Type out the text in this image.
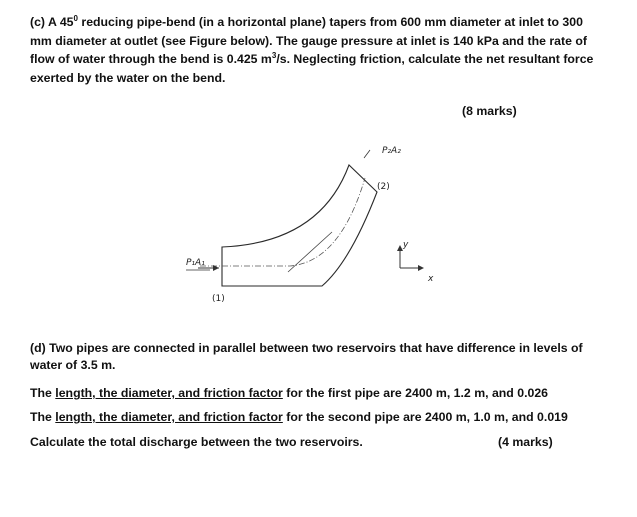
(c) A $45^0$ reducing pipe-bend (in a horizontal plane) tapers from 600 mm diameter at inlet to 300 mm diameter at outlet (see Figure below). The gauge pressure at inlet is 140 kPa and the rate of flow of water through the bend is 0.425 $m^3/s$. Neglecting friction, calculate the net resultant force exerted by the water on the bend.
(8 marks)
P₂A₂
(2)
P₁A₁
(1)
y
x
(d) Two pipes are connected in parallel between two reservoirs that have difference in levels of water of 3.5 m.
The length, the diameter, and friction factor for the first pipe are 2400 m, 1.2 m, and 0.026
The length, the diameter, and friction factor for the second pipe are 2400 m, 1.0 m, and 0.019
Calculate the total discharge between the two reservoirs.	(4 marks)
